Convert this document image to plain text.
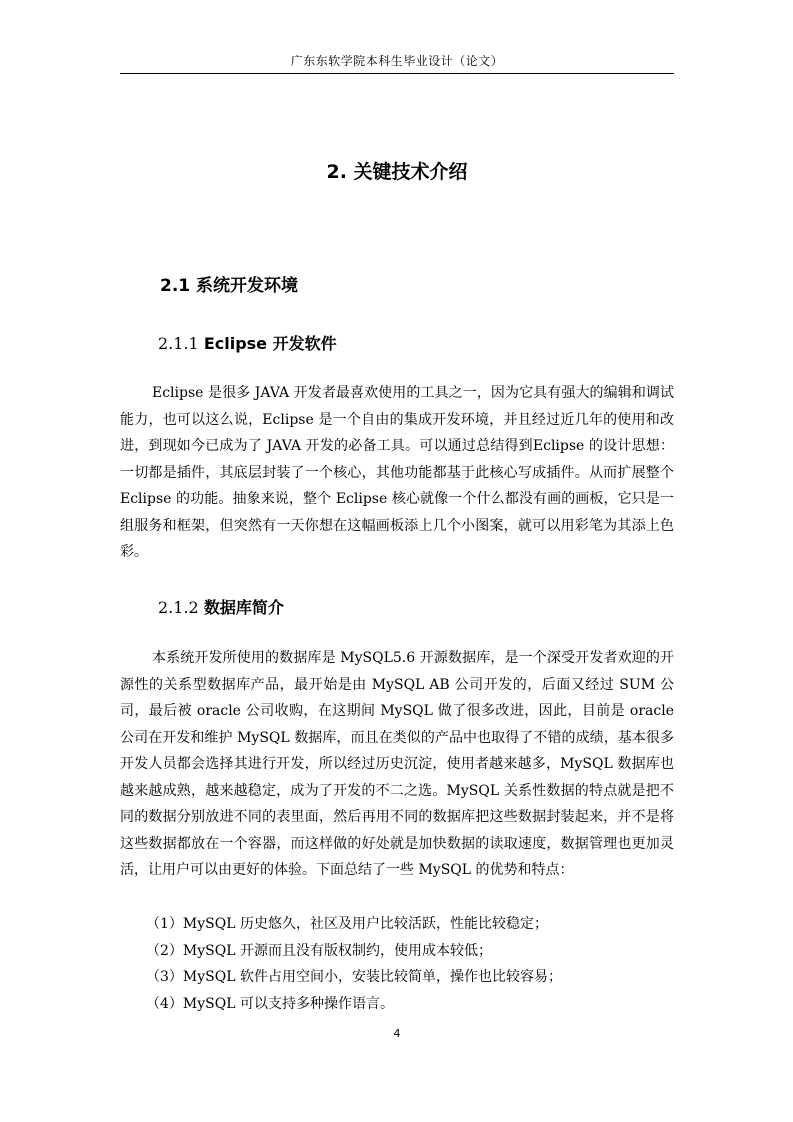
广东东软学院本科生毕业设计（论文）
2. 关键技术介绍
2.1 系统开发环境
2.1.1 Eclipse 开发软件

Eclipse 是很多 JAVA 开发者最喜欢使用的工具之一，因为它具有强大的编辑和调试能力，也可以这么说，Eclipse 是一个自由的集成开发环境，并且经过近几年的使用和改进，到现如今已成为了 JAVA 开发的必备工具。可以通过总结得到Eclipse 的设计思想：一切都是插件，其底层封装了一个核心，其他功能都基于此核心写成插件。从而扩展整个 Eclipse 的功能。抽象来说，整个 Eclipse 核心就像一个什么都没有画的画板，它只是一组服务和框架，但突然有一天你想在这幅画板添上几个小图案，就可以用彩笔为其添上色彩。

2.1.2 数据库简介

本系统开发所使用的数据库是 MySQL5.6 开源数据库，是一个深受开发者欢迎的开源性的关系型数据库产品，最开始是由 MySQL AB 公司开发的，后面又经过 SUM 公司，最后被 oracle 公司收购，在这期间 MySQL 做了很多改进，因此，目前是 oracle 公司在开发和维护 MySQL 数据库，而且在类似的产品中也取得了不错的成绩，基本很多开发人员都会选择其进行开发，所以经过历史沉淀，使用者越来越多，MySQL 数据库也越来越成熟，越来越稳定，成为了开发的不二之选。MySQL 关系性数据的特点就是把不同的数据分别放进不同的表里面，然后再用不同的数据库把这些数据封装起来，并不是将这些数据都放在一个容器，而这样做的好处就是加快数据的读取速度，数据管理也更加灵活，让用户可以由更好的体验。下面总结了一些 MySQL 的优势和特点：

（1）MySQL 历史悠久，社区及用户比较活跃，性能比较稳定；
（2）MySQL 开源而且没有版权制约，使用成本较低；
（3）MySQL 软件占用空间小，安装比较简单，操作也比较容易；
（4）MySQL 可以支持多种操作语言。
4
